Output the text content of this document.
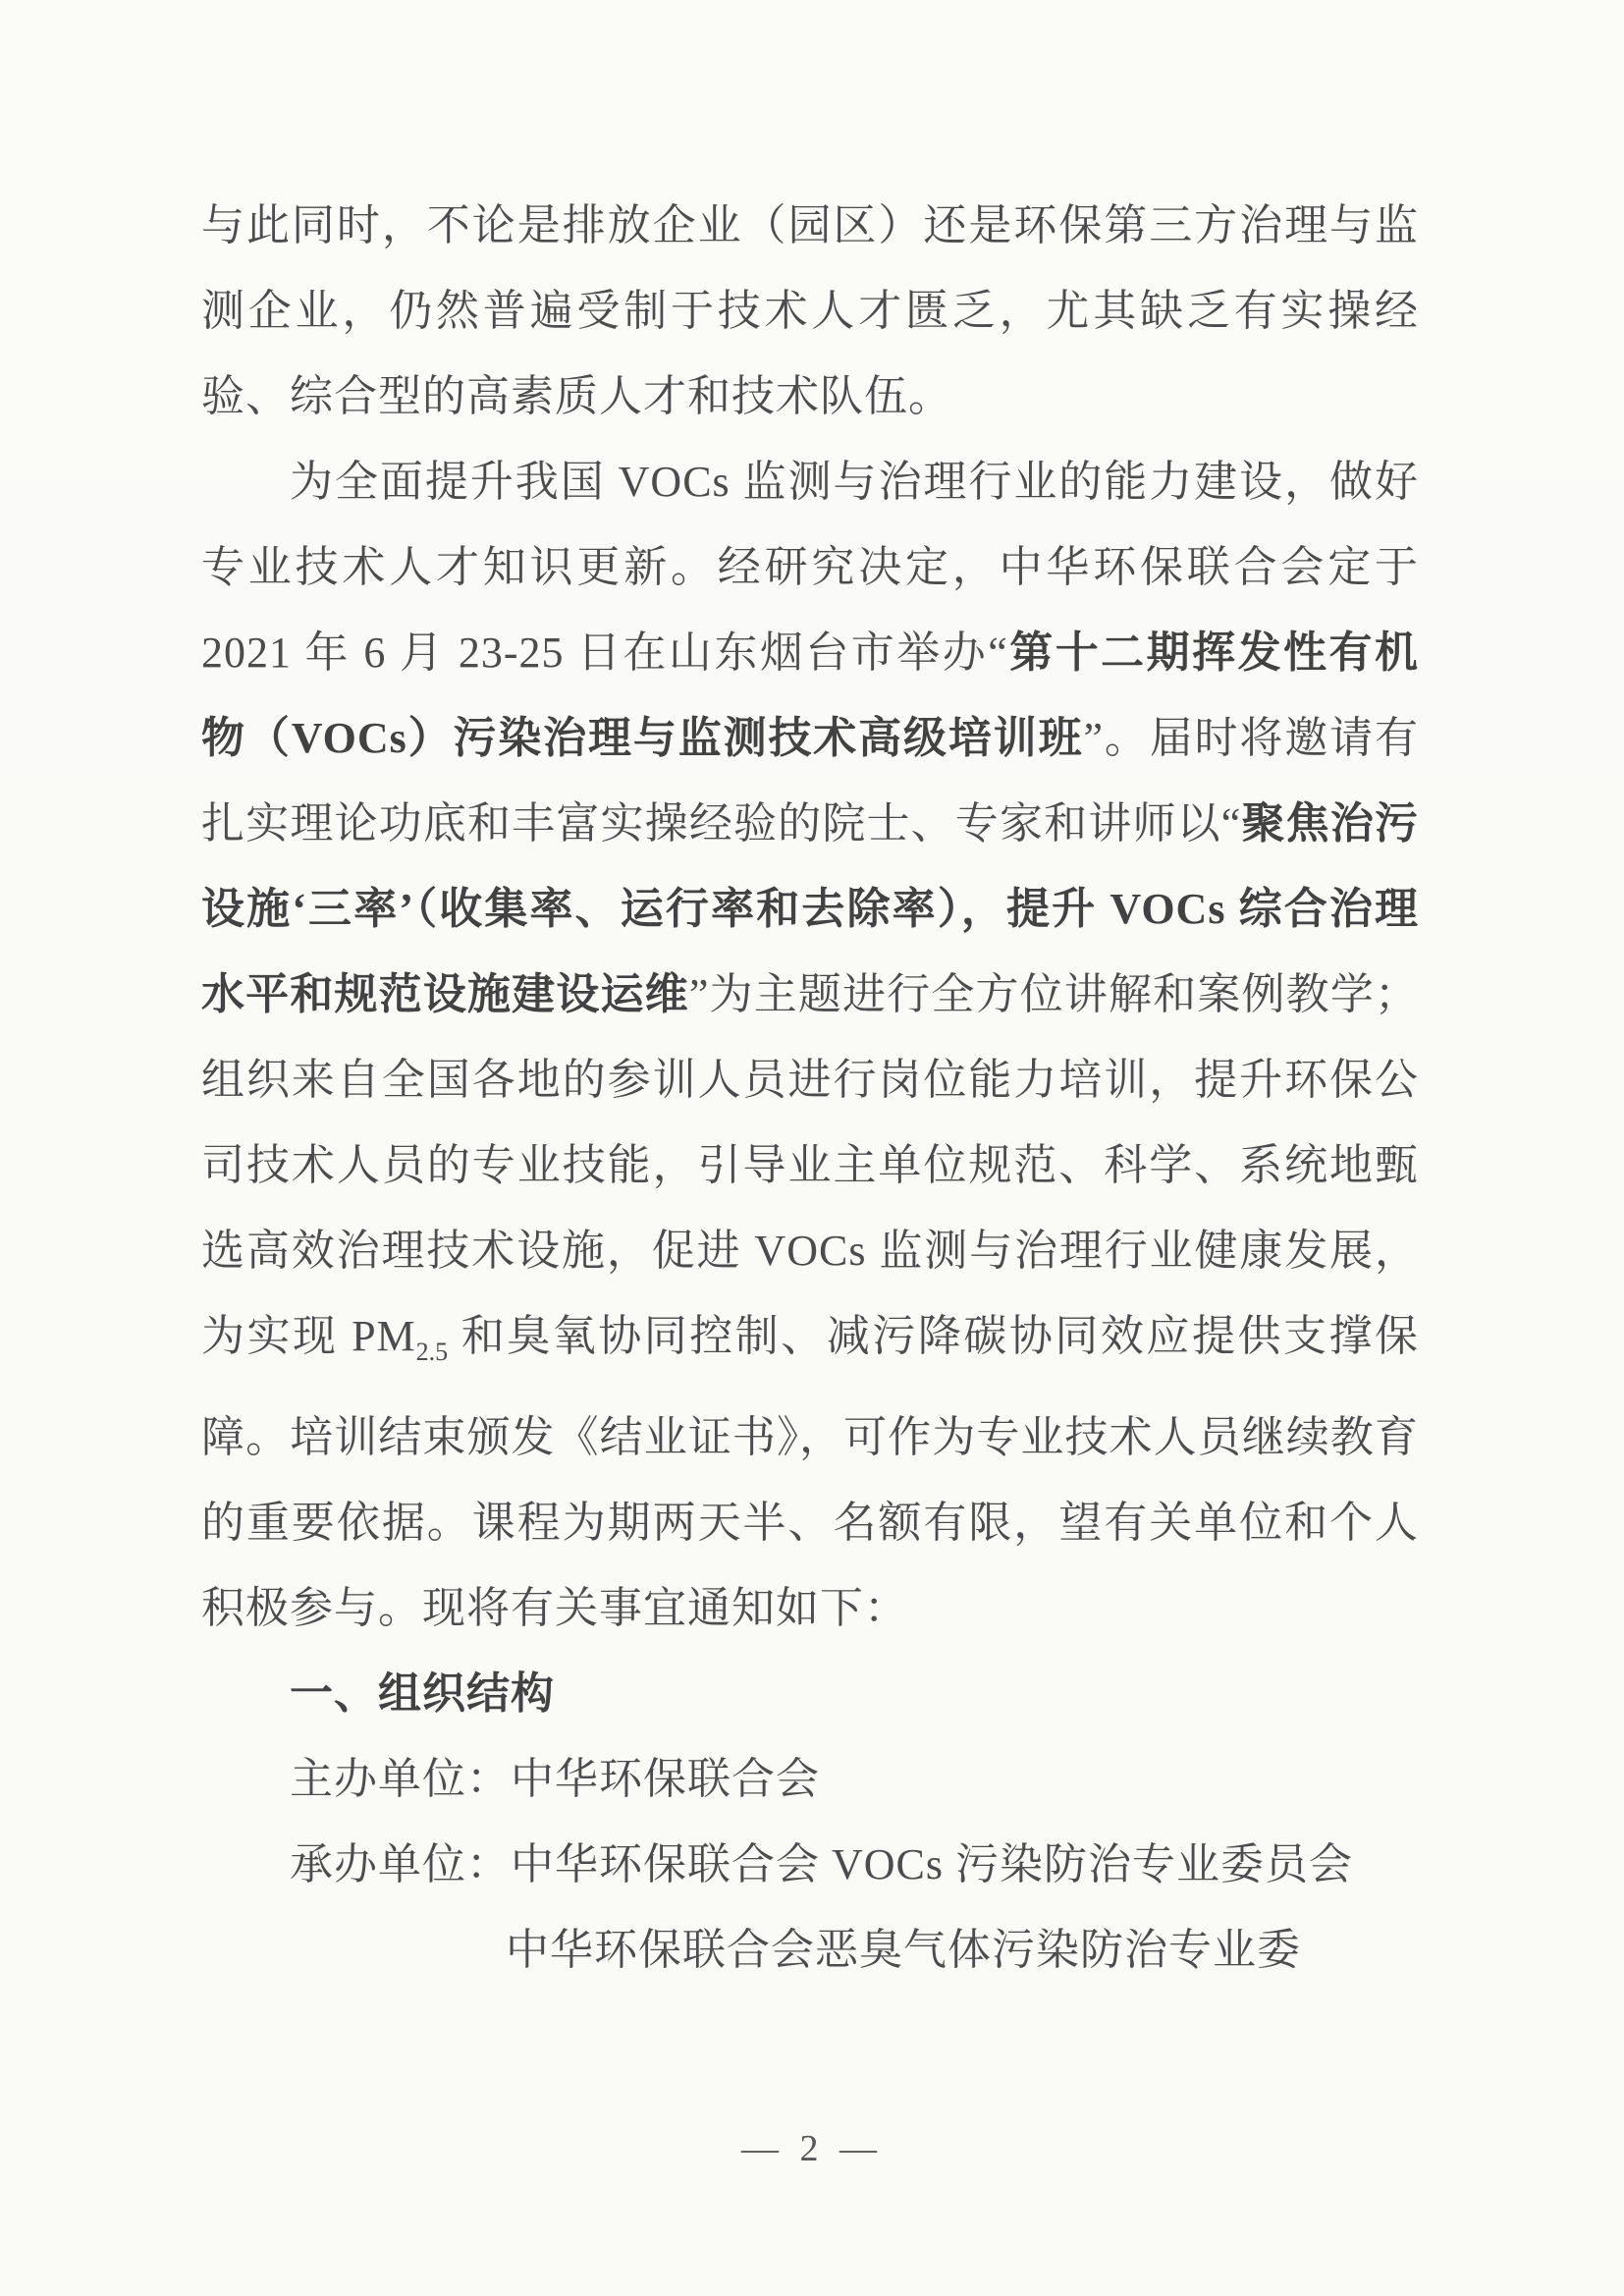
与此同时，不论是排放企业（园区）还是环保第三方治理与监测企业，仍然普遍受制于技术人才匮乏，尤其缺乏有实操经验、综合型的高素质人才和技术队伍。

为全面提升我国 VOCs 监测与治理行业的能力建设，做好专业技术人才知识更新。经研究决定，中华环保联合会定于 2021 年 6 月 23-25 日在山东烟台市举办“第十二期挥发性有机物（VOCs）污染治理与监测技术高级培训班”。届时将邀请有扎实理论功底和丰富实操经验的院士、专家和讲师以“聚焦治污设施‘三率’（收集率、运行率和去除率），提升 VOCs 综合治理水平和规范设施建设运维”为主题进行全方位讲解和案例教学；组织来自全国各地的参训人员进行岗位能力培训，提升环保公司技术人员的专业技能，引导业主单位规范、科学、系统地甄选高效治理技术设施，促进 VOCs 监测与治理行业健康发展，为实现 $PM_{2.5}$ 和臭氧协同控制、减污降碳协同效应提供支撑保障。培训结束颁发《结业证书》，可作为专业技术人员继续教育的重要依据。课程为期两天半、名额有限，望有关单位和个人积极参与。现将有关事宜通知如下：

一、组织结构

主办单位：中华环保联合会

承办单位：中华环保联合会 VOCs 污染防治专业委员会

中华环保联合会恶臭气体污染防治专业委

— 2 —
